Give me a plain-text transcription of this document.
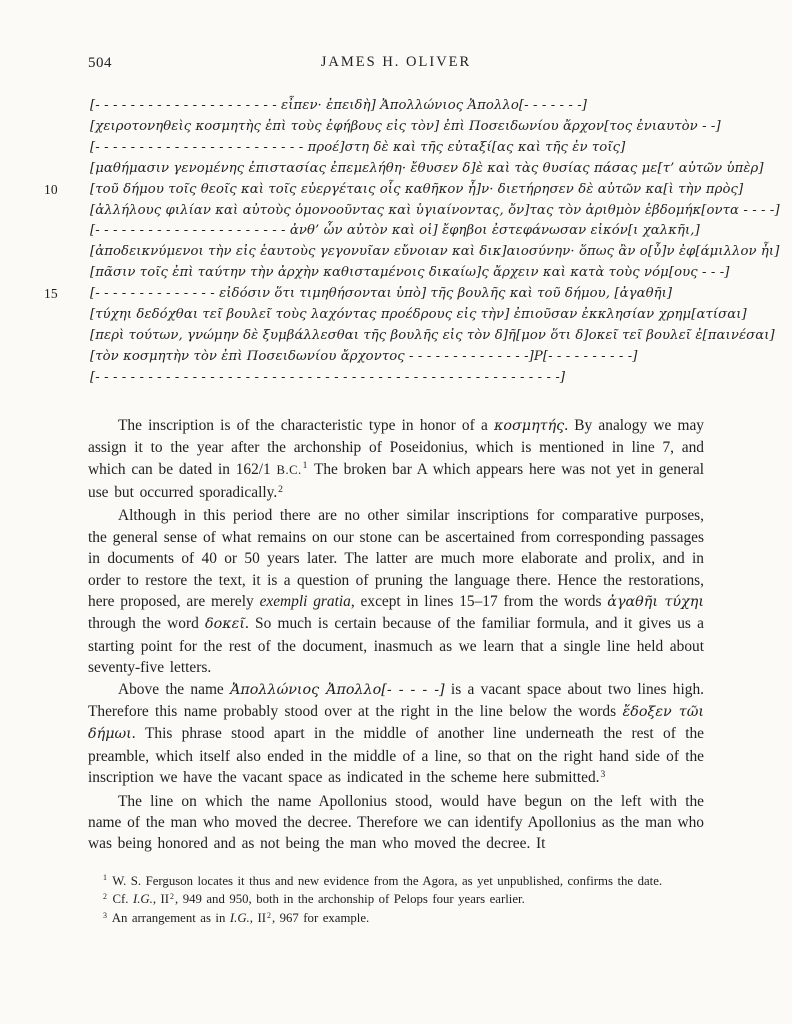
504	JAMES H. OLIVER
[- - - - - - - - - - - - - - - - - - - - - εἶπεν· ἐπειδὴ] Ἀπολλώνιος Ἀπολλο[- - - - - - -]
[χειροτονηθεὶς κοσμητὴς ἐπὶ τοὺς ἐφήβους εἰς τὸν] ἐπὶ Ποσειδωνίου ἄρχον[τος ἐνιαυτὸν - -]
[- - - - - - - - - - - - - - - - - - - - - - - - προέ]στη δὲ καὶ τῆς εὐταξί[ας καὶ τῆς ἐν τοῖς]
[μαθήμασιν γενομένης ἐπιστασίας ἐπεμελήθη· ἔθυσεν δ]ὲ καὶ τὰς θυσίας πάσας με[τ’ αὐτῶν ὑπὲρ]
10 [τοῦ δήμου τοῖς θεοῖς καὶ τοῖς εὐεργέταις οἷς καθῆκον ἦ]ν· διετήρησεν δὲ αὐτῶν κα[ὶ τὴν πρὸς]
[ἀλλήλους φιλίαν καὶ αὐτοὺς ὁμονοοῦντας καὶ ὑγιαίνοντας, ὄν]τας τὸν ἀριθμὸν ἑβδομήκ[οντα - - - -]
[- - - - - - - - - - - - - - - - - - - - - - ἀνθ’ ὧν αὐτὸν καὶ οἱ] ἔφηβοι ἐστεφάνωσαν εἰκόν[ι χαλκῆι,]
[ἀποδεικνύμενοι τὴν εἰς ἑαυτοὺς γεγονυῖαν εὔνοιαν καὶ δικ]αιοσύνην· ὅπως ἂν ο[ὖ]ν ἐφ[άμιλλον ἦι]
[πᾶσιν τοῖς ἐπὶ ταύτην τὴν ἀρχὴν καθισταμένοις δικαίω]ς ἄρχειν καὶ κατὰ τοὺς νόμ[ους - - -]
15 [- - - - - - - - - - - - - - εἰδόσιν ὅτι τιμηθήσονται ὑπὸ] τῆς βουλῆς καὶ τοῦ δήμου, [ἀγαθῆι]
[τύχηι δεδόχθαι τεῖ βουλεῖ τοὺς λαχόντας προέδρους εἰς τὴν] ἐπιοῦσαν ἐκκλησίαν χρημ[ατίσαι]
[περὶ τούτων, γνώμην δὲ ξυμβάλλεσθαι τῆς βουλῆς εἰς τὸν δ]ῆ[μον ὅτι δ]οκεῖ τεῖ βουλεῖ ἐ[παινέσαι]
[τὸν κοσμητὴν τὸν ἐπὶ Ποσειδωνίου ἄρχοντος - - - - - - - - - - - - - -]Ρ[- - - - - - - - - -]
[- - - - - - - - - - - - - - - - - - - - - - - - - - - - - - - - - - - - - - - - - - - - - - - - - - - - -]

The inscription is of the characteristic type in honor of a κοσμητής. By analogy we may assign it to the year after the archonship of Poseidonius, which is mentioned in line 7, and which can be dated in 162/1 B.C.$^1$ The broken bar A which appears here was not yet in general use but occurred sporadically.$^2$

Although in this period there are no other similar inscriptions for comparative purposes, the general sense of what remains on our stone can be ascertained from corresponding passages in documents of 40 or 50 years later. The latter are much more elaborate and prolix, and in order to restore the text, it is a question of pruning the language there. Hence the restorations, here proposed, are merely exempli gratia, except in lines 15–17 from the words ἀγαθῆι τύχηι through the word δοκεῖ. So much is certain because of the familiar formula, and it gives us a starting point for the rest of the document, inasmuch as we learn that a single line held about seventy-five letters.

Above the name Ἀπολλώνιος Ἀπολλο[- - - - -] is a vacant space about two lines high. Therefore this name probably stood over at the right in the line below the words ἔδοξεν τῶι δήμωι. This phrase stood apart in the middle of another line underneath the rest of the preamble, which itself also ended in the middle of a line, so that on the right hand side of the inscription we have the vacant space as indicated in the scheme here submitted.$^3$

The line on which the name Apollonius stood, would have begun on the left with the name of the man who moved the decree. Therefore we can identify Apollonius as the man who was being honored and as not being the man who moved the decree. It

$^1$ W. S. Ferguson locates it thus and new evidence from the Agora, as yet unpublished, confirms the date.

$^2$ Cf. I.G., II$^2$, 949 and 950, both in the archonship of Pelops four years earlier.

$^3$ An arrangement as in I.G., II$^2$, 967 for example.
